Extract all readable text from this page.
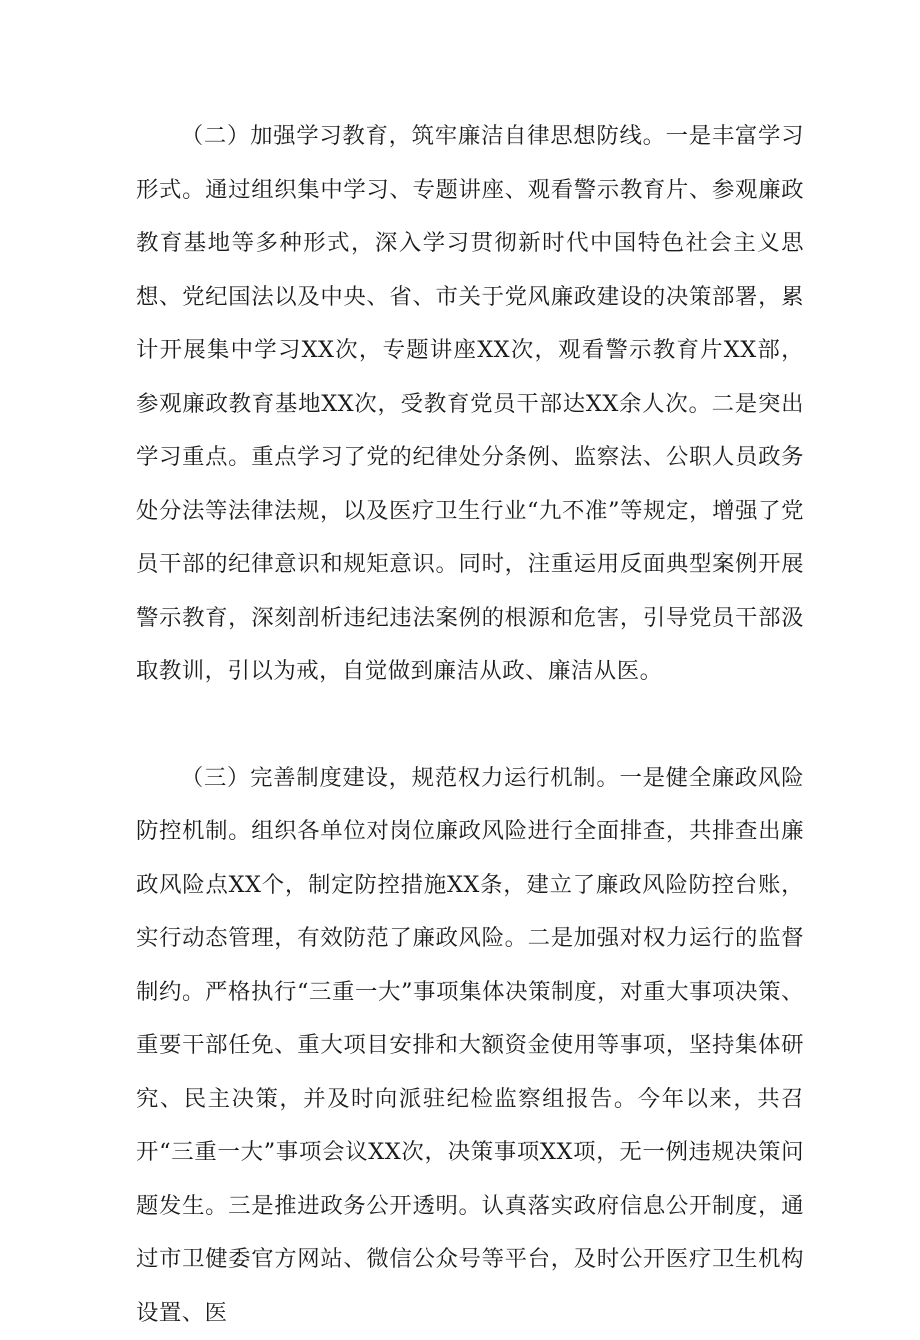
（二）加强学习教育，筑牢廉洁自律思想防线。一是丰富学习形式。通过组织集中学习、专题讲座、观看警示教育片、参观廉政教育基地等多种形式，深入学习贯彻新时代中国特色社会主义思想、党纪国法以及中央、省、市关于党风廉政建设的决策部署，累计开展集中学习XX次，专题讲座XX次，观看警示教育片XX部，参观廉政教育基地XX次，受教育党员干部达XX余人次。二是突出学习重点。重点学习了党的纪律处分条例、监察法、公职人员政务处分法等法律法规，以及医疗卫生行业“九不准”等规定，增强了党员干部的纪律意识和规矩意识。同时，注重运用反面典型案例开展警示教育，深刻剖析违纪违法案例的根源和危害，引导党员干部汲取教训，引以为戒，自觉做到廉洁从政、廉洁从医。

（三）完善制度建设，规范权力运行机制。一是健全廉政风险防控机制。组织各单位对岗位廉政风险进行全面排查，共排查出廉政风险点XX个，制定防控措施XX条，建立了廉政风险防控台账，实行动态管理，有效防范了廉政风险。二是加强对权力运行的监督制约。严格执行“三重一大”事项集体决策制度，对重大事项决策、重要干部任免、重大项目安排和大额资金使用等事项，坚持集体研究、民主决策，并及时向派驻纪检监察组报告。今年以来，共召开“三重一大”事项会议XX次，决策事项XX项，无一例违规决策问题发生。三是推进政务公开透明。认真落实政府信息公开制度，通过市卫健委官方网站、微信公众号等平台，及时公开医疗卫生机构设置、医
